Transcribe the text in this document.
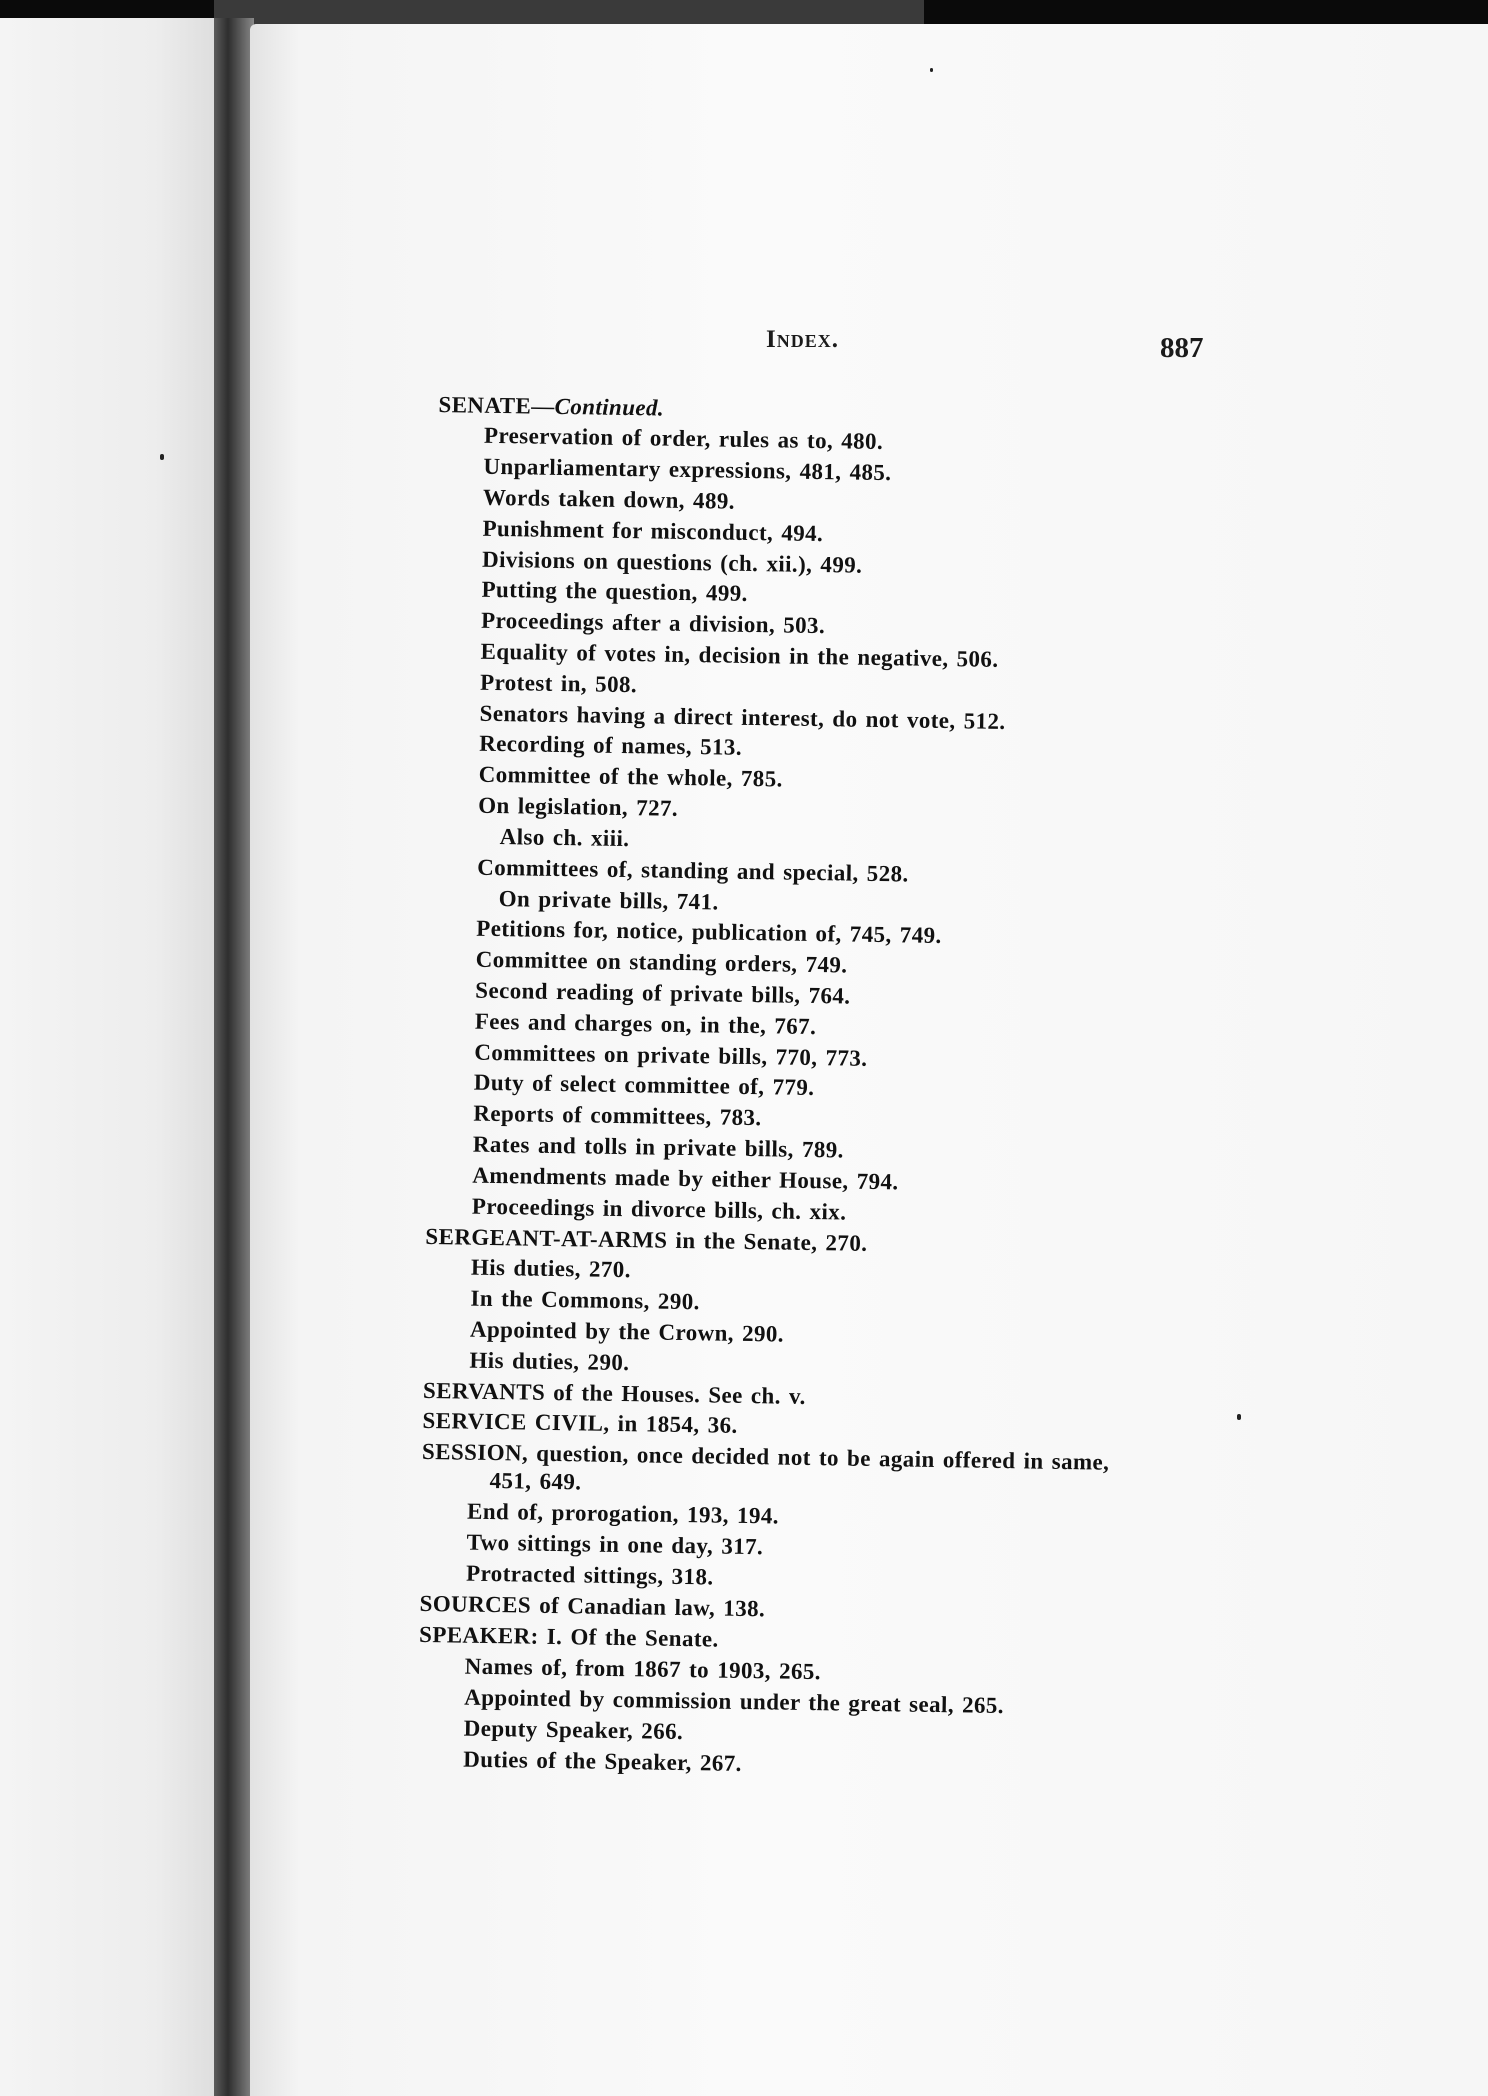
Index.	887
SENATE—Continued.
Preservation of order, rules as to, 480.
Unparliamentary expressions, 481, 485.
Words taken down, 489.
Punishment for misconduct, 494.
Divisions on questions (ch. xii.), 499.
Putting the question, 499.
Proceedings after a division, 503.
Equality of votes in, decision in the negative, 506.
Protest in, 508.
Senators having a direct interest, do not vote, 512.
Recording of names, 513.
Committee of the whole, 785.
On legislation, 727.
Also ch. xiii.
Committees of, standing and special, 528.
On private bills, 741.
Petitions for, notice, publication of, 745, 749.
Committee on standing orders, 749.
Second reading of private bills, 764.
Fees and charges on, in the, 767.
Committees on private bills, 770, 773.
Duty of select committee of, 779.
Reports of committees, 783.
Rates and tolls in private bills, 789.
Amendments made by either House, 794.
Proceedings in divorce bills, ch. xix.
SERGEANT-AT-ARMS in the Senate, 270.
His duties, 270.
In the Commons, 290.
Appointed by the Crown, 290.
His duties, 290.
SERVANTS of the Houses. See ch. v.
SERVICE CIVIL, in 1854, 36.
SESSION, question, once decided not to be again offered in same,
451, 649.
End of, prorogation, 193, 194.
Two sittings in one day, 317.
Protracted sittings, 318.
SOURCES of Canadian law, 138.
SPEAKER: I. Of the Senate.
Names of, from 1867 to 1903, 265.
Appointed by commission under the great seal, 265.
Deputy Speaker, 266.
Duties of the Speaker, 267.
